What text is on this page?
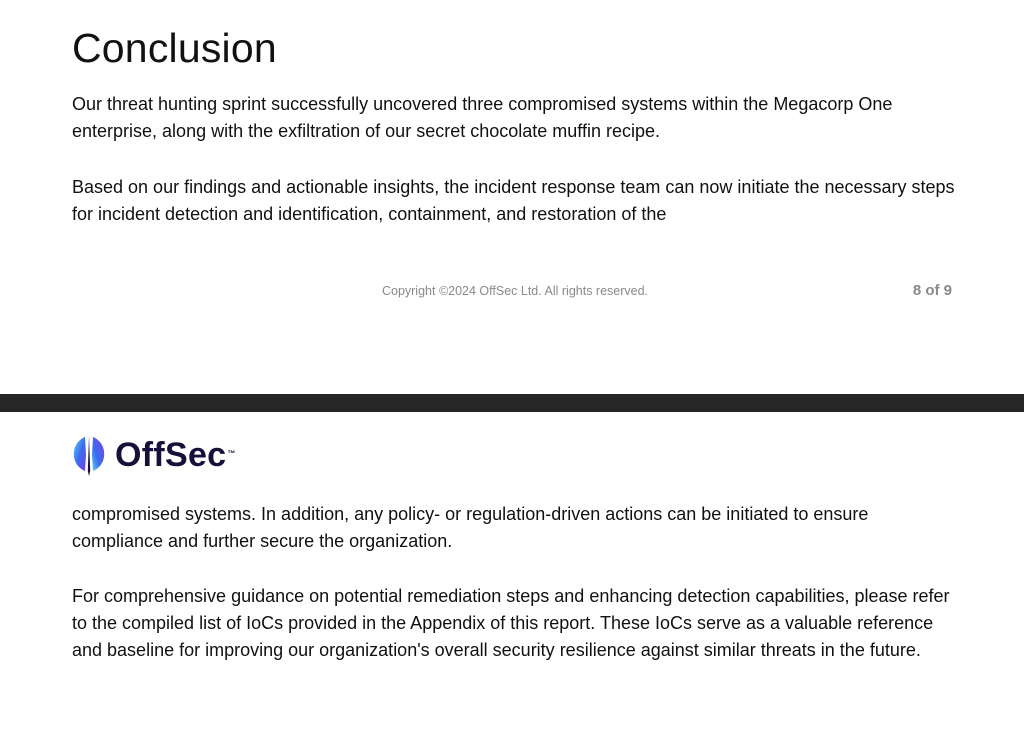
Conclusion

Our threat hunting sprint successfully uncovered three compromised systems within the Megacorp One enterprise, along with the exfiltration of our secret chocolate muffin recipe.

Based on our findings and actionable insights, the incident response team can now initiate the necessary steps for incident detection and identification, containment, and restoration of the

Copyright ©2024 OffSec Ltd. All rights reserved.	8 of 9
OffSec ™

compromised systems. In addition, any policy- or regulation-driven actions can be initiated to ensure compliance and further secure the organization.

For comprehensive guidance on potential remediation steps and enhancing detection capabilities, please refer to the compiled list of IoCs provided in the Appendix of this report. These IoCs serve as a valuable reference and baseline for improving our organization's overall security resilience against similar threats in the future.
